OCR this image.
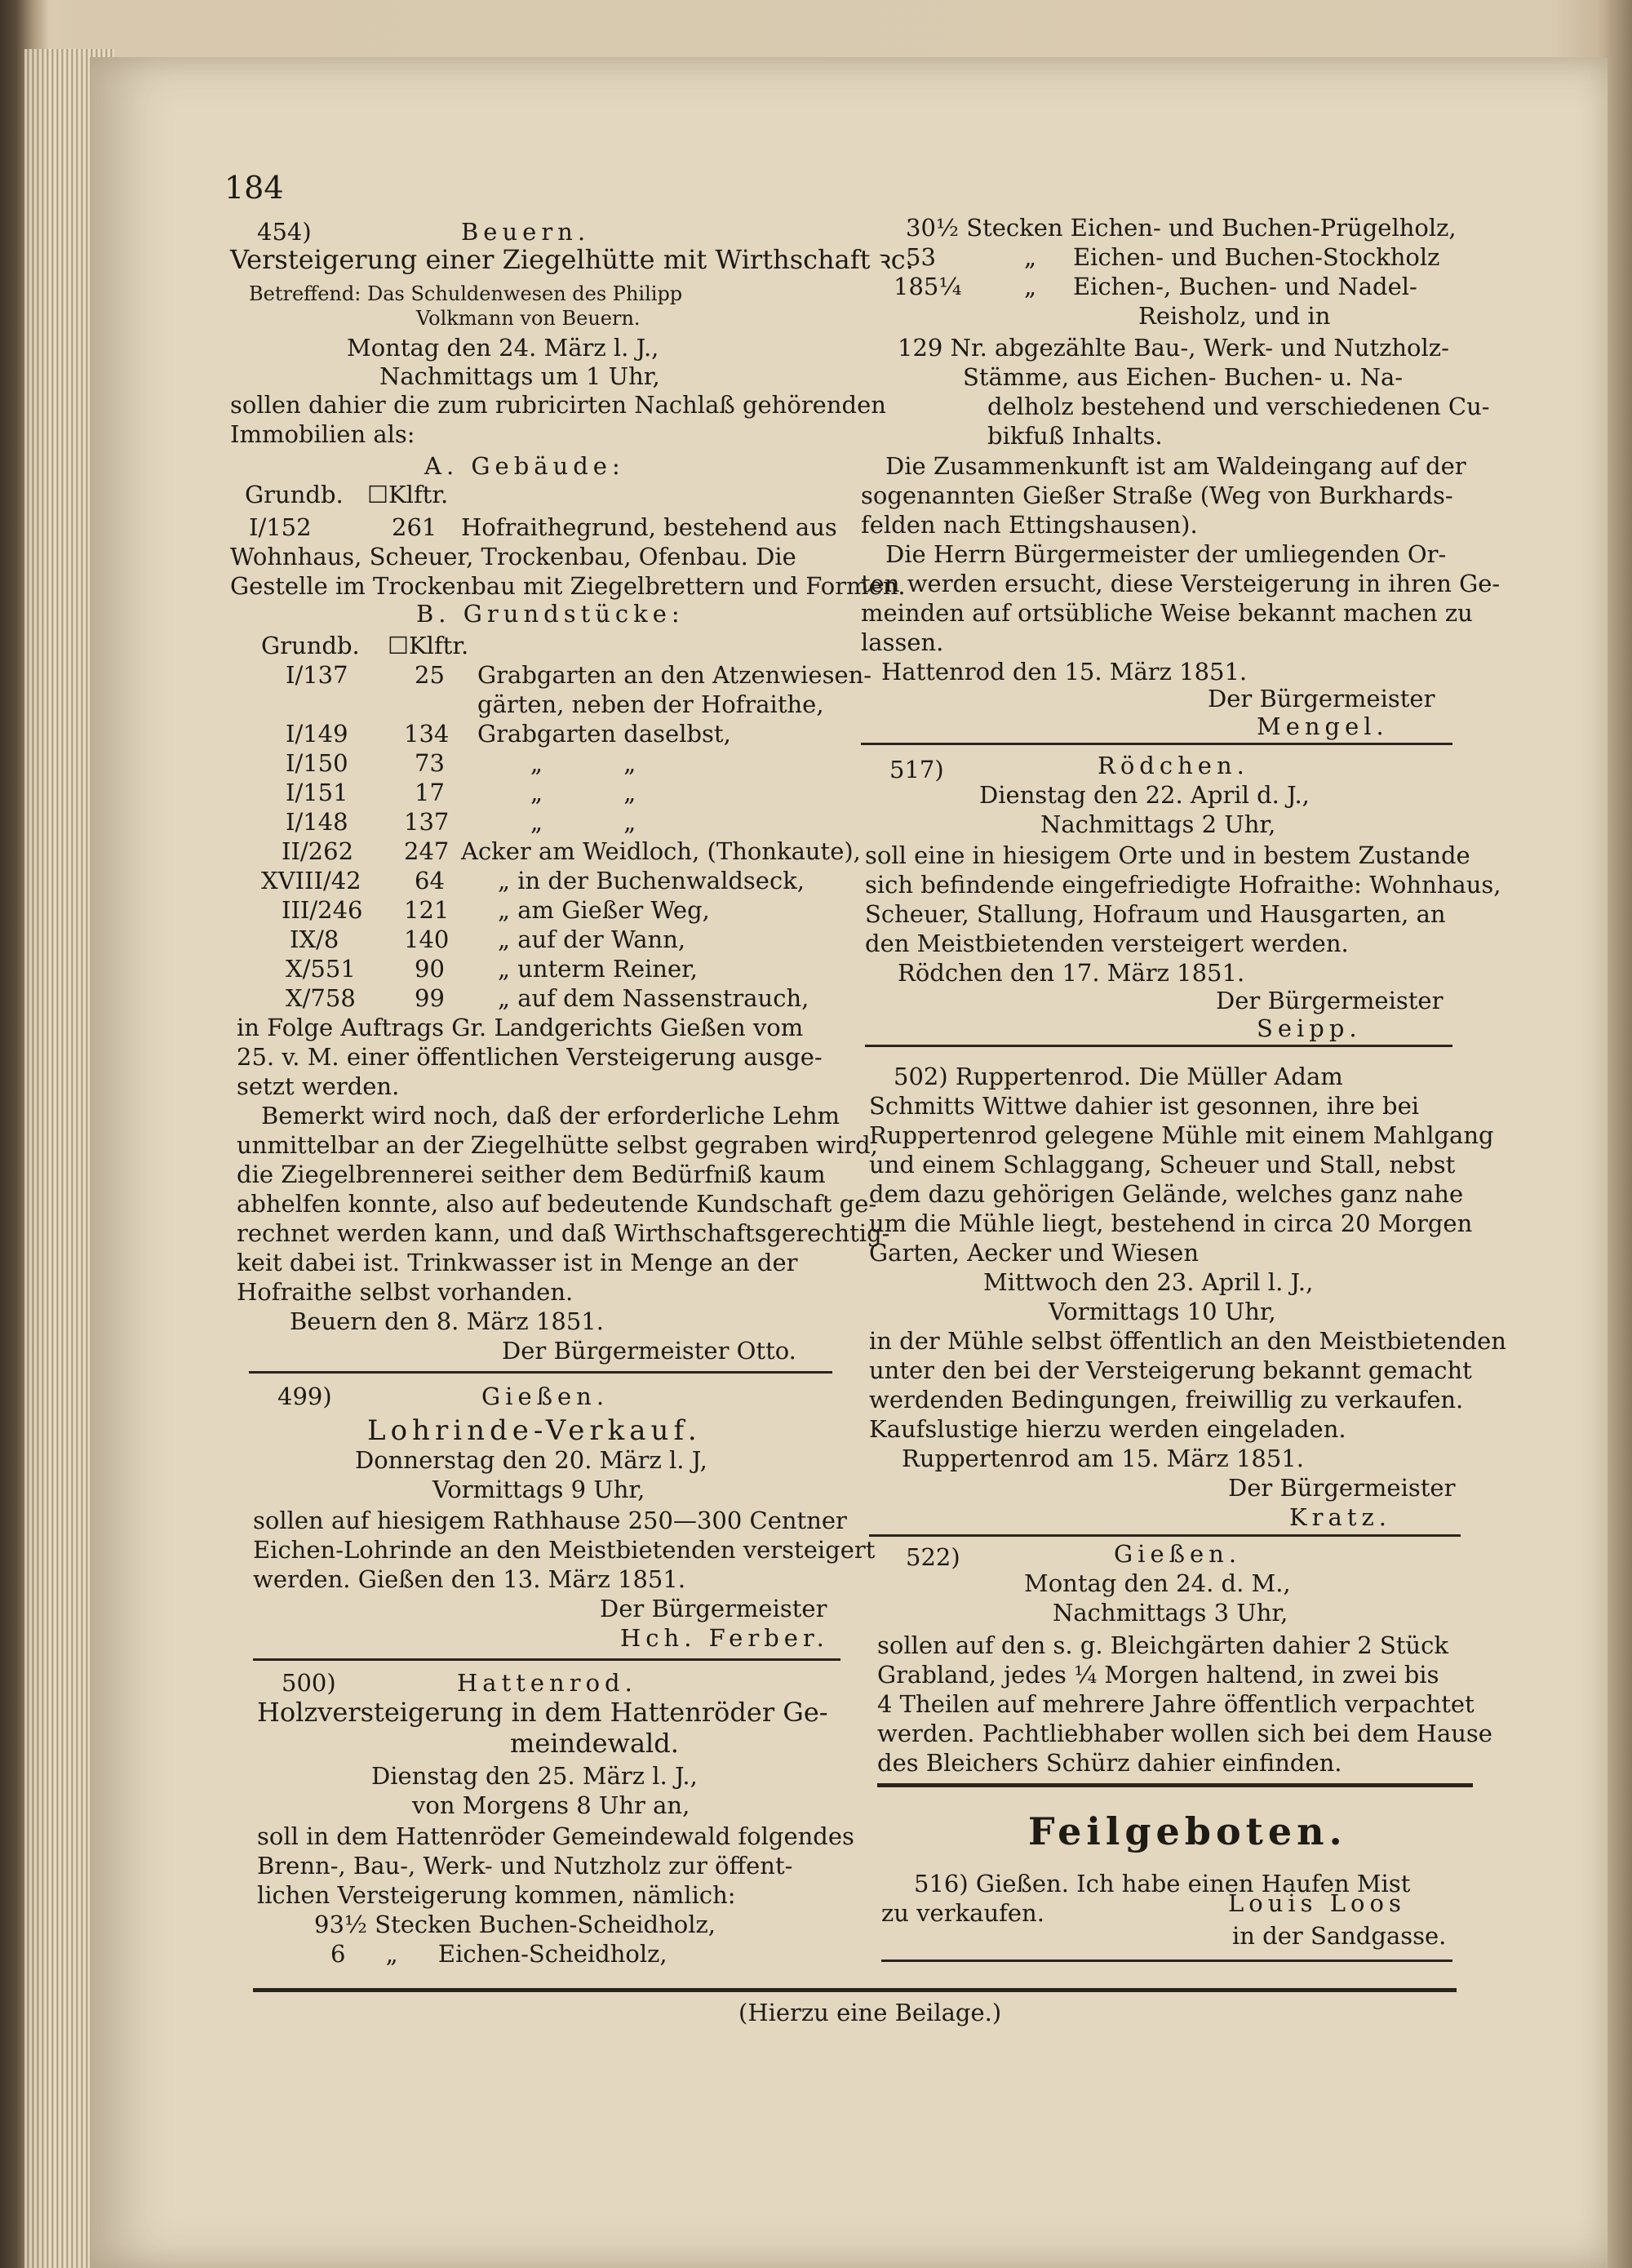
184
454)	Beuern.
Versteigerung einer Ziegelhütte mit Wirthschaft ꝛc.
Betreffend: Das Schuldenwesen des Philipp
Volkmann von Beuern.
Montag den 24. März l. J.,
Nachmittags um 1 Uhr,
sollen dahier die zum rubricirten Nachlaß gehörenden
Immobilien als:
A. Gebäude:
Grundb. ☐Klftr.
I/152	261 Hofraithegrund, bestehend aus
Wohnhaus, Scheuer, Trockenbau, Ofenbau. Die
Gestelle im Trockenbau mit Ziegelbrettern und Formen.
B. Grundstücke:
Grundb. ☐Klftr.
I/137	25 Grabgarten an den Atzenwiesen-
gärten, neben der Hofraithe,
I/149 134 Grabgarten daselbst,
I/150	73	„ „
I/151	17	„ „
I/148 137	„ „
II/262 247 Acker am Weidloch, (Thonkaute),
XVIII/42 64 „ in der Buchenwaldseck,
III/246 121 „ am Gießer Weg,
IX/8	140 „ auf der Wann,
X/551 90 „ unterm Reiner,
X/758 99 „ auf dem Nassenstrauch,
in Folge Auftrags Gr. Landgerichts Gießen vom
25. v. M. einer öffentlichen Versteigerung ausge-
setzt werden.
Bemerkt wird noch, daß der erforderliche Lehm
unmittelbar an der Ziegelhütte selbst gegraben wird,
die Ziegelbrennerei seither dem Bedürfniß kaum
abhelfen konnte, also auf bedeutende Kundschaft ge-
rechnet werden kann, und daß Wirthschaftsgerechtig-
keit dabei ist. Trinkwasser ist in Menge an der
Hofraithe selbst vorhanden.
Beuern den 8. März 1851.
Der Bürgermeister Otto.
499)	Gießen.
Lohrinde-Verkauf.
Donnerstag den 20. März l. J,
Vormittags 9 Uhr,
sollen auf hiesigem Rathhause 250—300 Centner
Eichen-Lohrinde an den Meistbietenden versteigert
werden. Gießen den 13. März 1851.
Der Bürgermeister
Hch. Ferber.
500)	Hattenrod.
Holzversteigerung in dem Hattenröder Ge-
meindewald.
Dienstag den 25. März l. J.,
von Morgens 8 Uhr an,
soll in dem Hattenröder Gemeindewald folgendes
Brenn-, Bau-, Werk- und Nutzholz zur öffent-
lichen Versteigerung kommen, nämlich:
93½ Stecken Buchen-Scheidholz,
6 „ Eichen-Scheidholz,
30½ Stecken Eichen- und Buchen-Prügelholz,
53	„ Eichen- und Buchen-Stockholz
185¼	„ Eichen-, Buchen- und Nadel-
Reisholz, und in
129 Nr. abgezählte Bau-, Werk- und Nutzholz-
Stämme, aus Eichen- Buchen- u. Na-
delholz bestehend und verschiedenen Cu-
bikfuß Inhalts.
Die Zusammenkunft ist am Waldeingang auf der
sogenannten Gießer Straße (Weg von Burkhards-
felden nach Ettingshausen).
Die Herrn Bürgermeister der umliegenden Or-
ten werden ersucht, diese Versteigerung in ihren Ge-
meinden auf ortsübliche Weise bekannt machen zu
lassen.
Hattenrod den 15. März 1851.
Der Bürgermeister
Mengel.
517)	Rödchen.
Dienstag den 22. April d. J.,
Nachmittags 2 Uhr,
soll eine in hiesigem Orte und in bestem Zustande
sich befindende eingefriedigte Hofraithe: Wohnhaus,
Scheuer, Stallung, Hofraum und Hausgarten, an
den Meistbietenden versteigert werden.
Rödchen den 17. März 1851.
Der Bürgermeister
Seipp.
502) Ruppertenrod. Die Müller Adam
Schmitts Wittwe dahier ist gesonnen, ihre bei
Ruppertenrod gelegene Mühle mit einem Mahlgang
und einem Schlaggang, Scheuer und Stall, nebst
dem dazu gehörigen Gelände, welches ganz nahe
um die Mühle liegt, bestehend in circa 20 Morgen
Garten, Aecker und Wiesen
Mittwoch den 23. April l. J.,
Vormittags 10 Uhr,
in der Mühle selbst öffentlich an den Meistbietenden
unter den bei der Versteigerung bekannt gemacht
werdenden Bedingungen, freiwillig zu verkaufen.
Kaufslustige hierzu werden eingeladen.
Ruppertenrod am 15. März 1851.
Der Bürgermeister
Kratz.
522)	Gießen.
Montag den 24. d. M.,
Nachmittags 3 Uhr,
sollen auf den s. g. Bleichgärten dahier 2 Stück
Grabland, jedes ¼ Morgen haltend, in zwei bis
4 Theilen auf mehrere Jahre öffentlich verpachtet
werden. Pachtliebhaber wollen sich bei dem Hause
des Bleichers Schürz dahier einfinden.
Feilgeboten.
516) Gießen. Ich habe einen Haufen Mist
zu verkaufen.	Louis Loos
in der Sandgasse.
(Hierzu eine Beilage.)
